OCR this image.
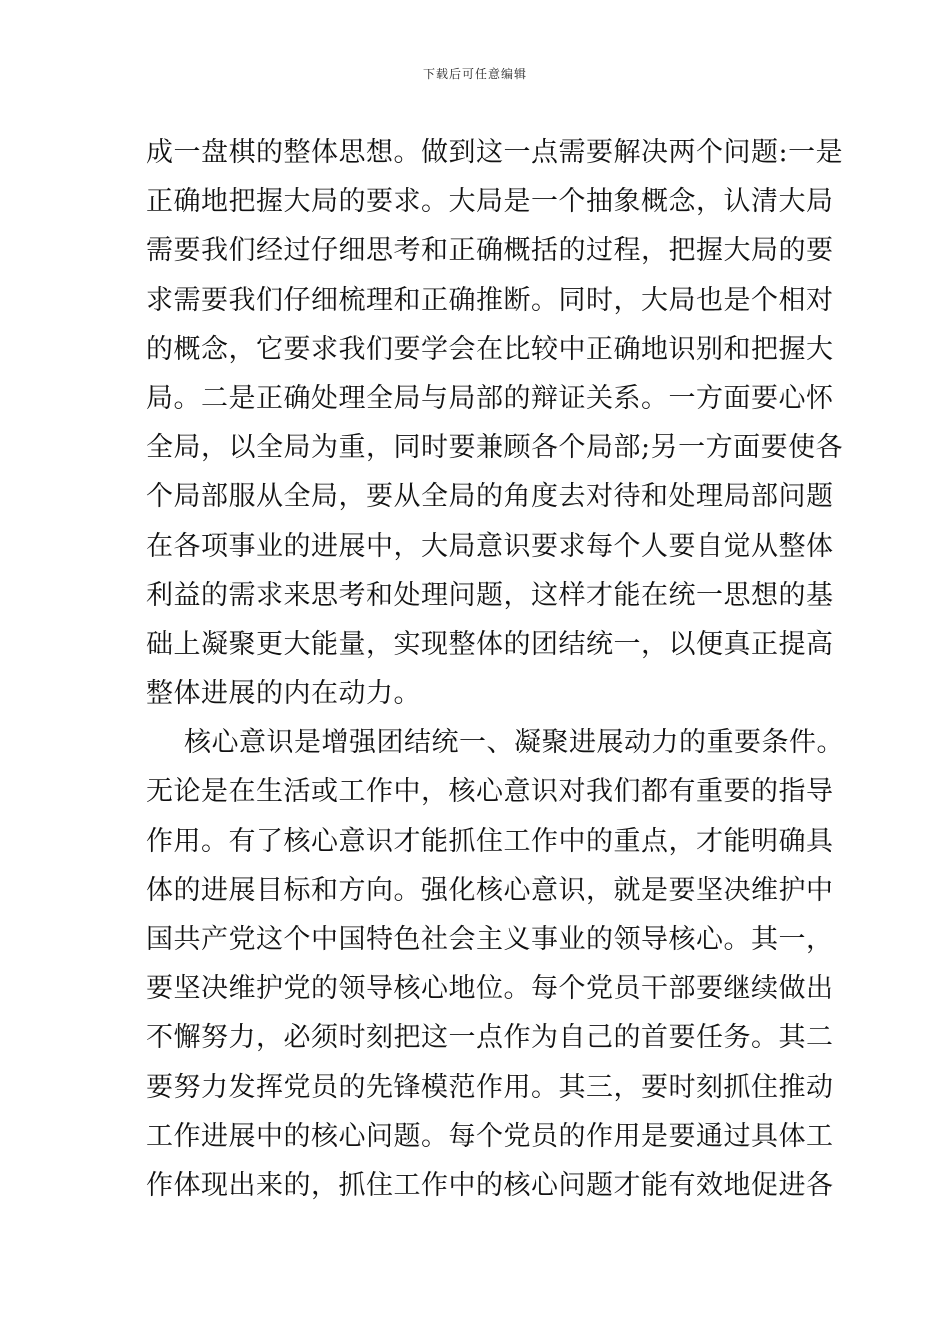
下载后可任意编辑
成一盘棋的整体思想。做到这一点需要解决两个问题:一是
正确地把握大局的要求。大局是一个抽象概念，认清大局
需要我们经过仔细思考和正确概括的过程，把握大局的要
求需要我们仔细梳理和正确推断。同时，大局也是个相对
的概念，它要求我们要学会在比较中正确地识别和把握大
局。二是正确处理全局与局部的辩证关系。一方面要心怀
全局，以全局为重，同时要兼顾各个局部;另一方面要使各
个局部服从全局，要从全局的角度去对待和处理局部问题
在各项事业的进展中，大局意识要求每个人要自觉从整体
利益的需求来思考和处理问题，这样才能在统一思想的基
础上凝聚更大能量，实现整体的团结统一，以便真正提高
整体进展的内在动力。
核心意识是增强团结统一、凝聚进展动力的重要条件。
无论是在生活或工作中，核心意识对我们都有重要的指导
作用。有了核心意识才能抓住工作中的重点，才能明确具
体的进展目标和方向。强化核心意识，就是要坚决维护中
国共产党这个中国特色社会主义事业的领导核心。其一，
要坚决维护党的领导核心地位。每个党员干部要继续做出
不懈努力，必须时刻把这一点作为自己的首要任务。其二
要努力发挥党员的先锋模范作用。其三，要时刻抓住推动
工作进展中的核心问题。每个党员的作用是要通过具体工
作体现出来的，抓住工作中的核心问题才能有效地促进各
